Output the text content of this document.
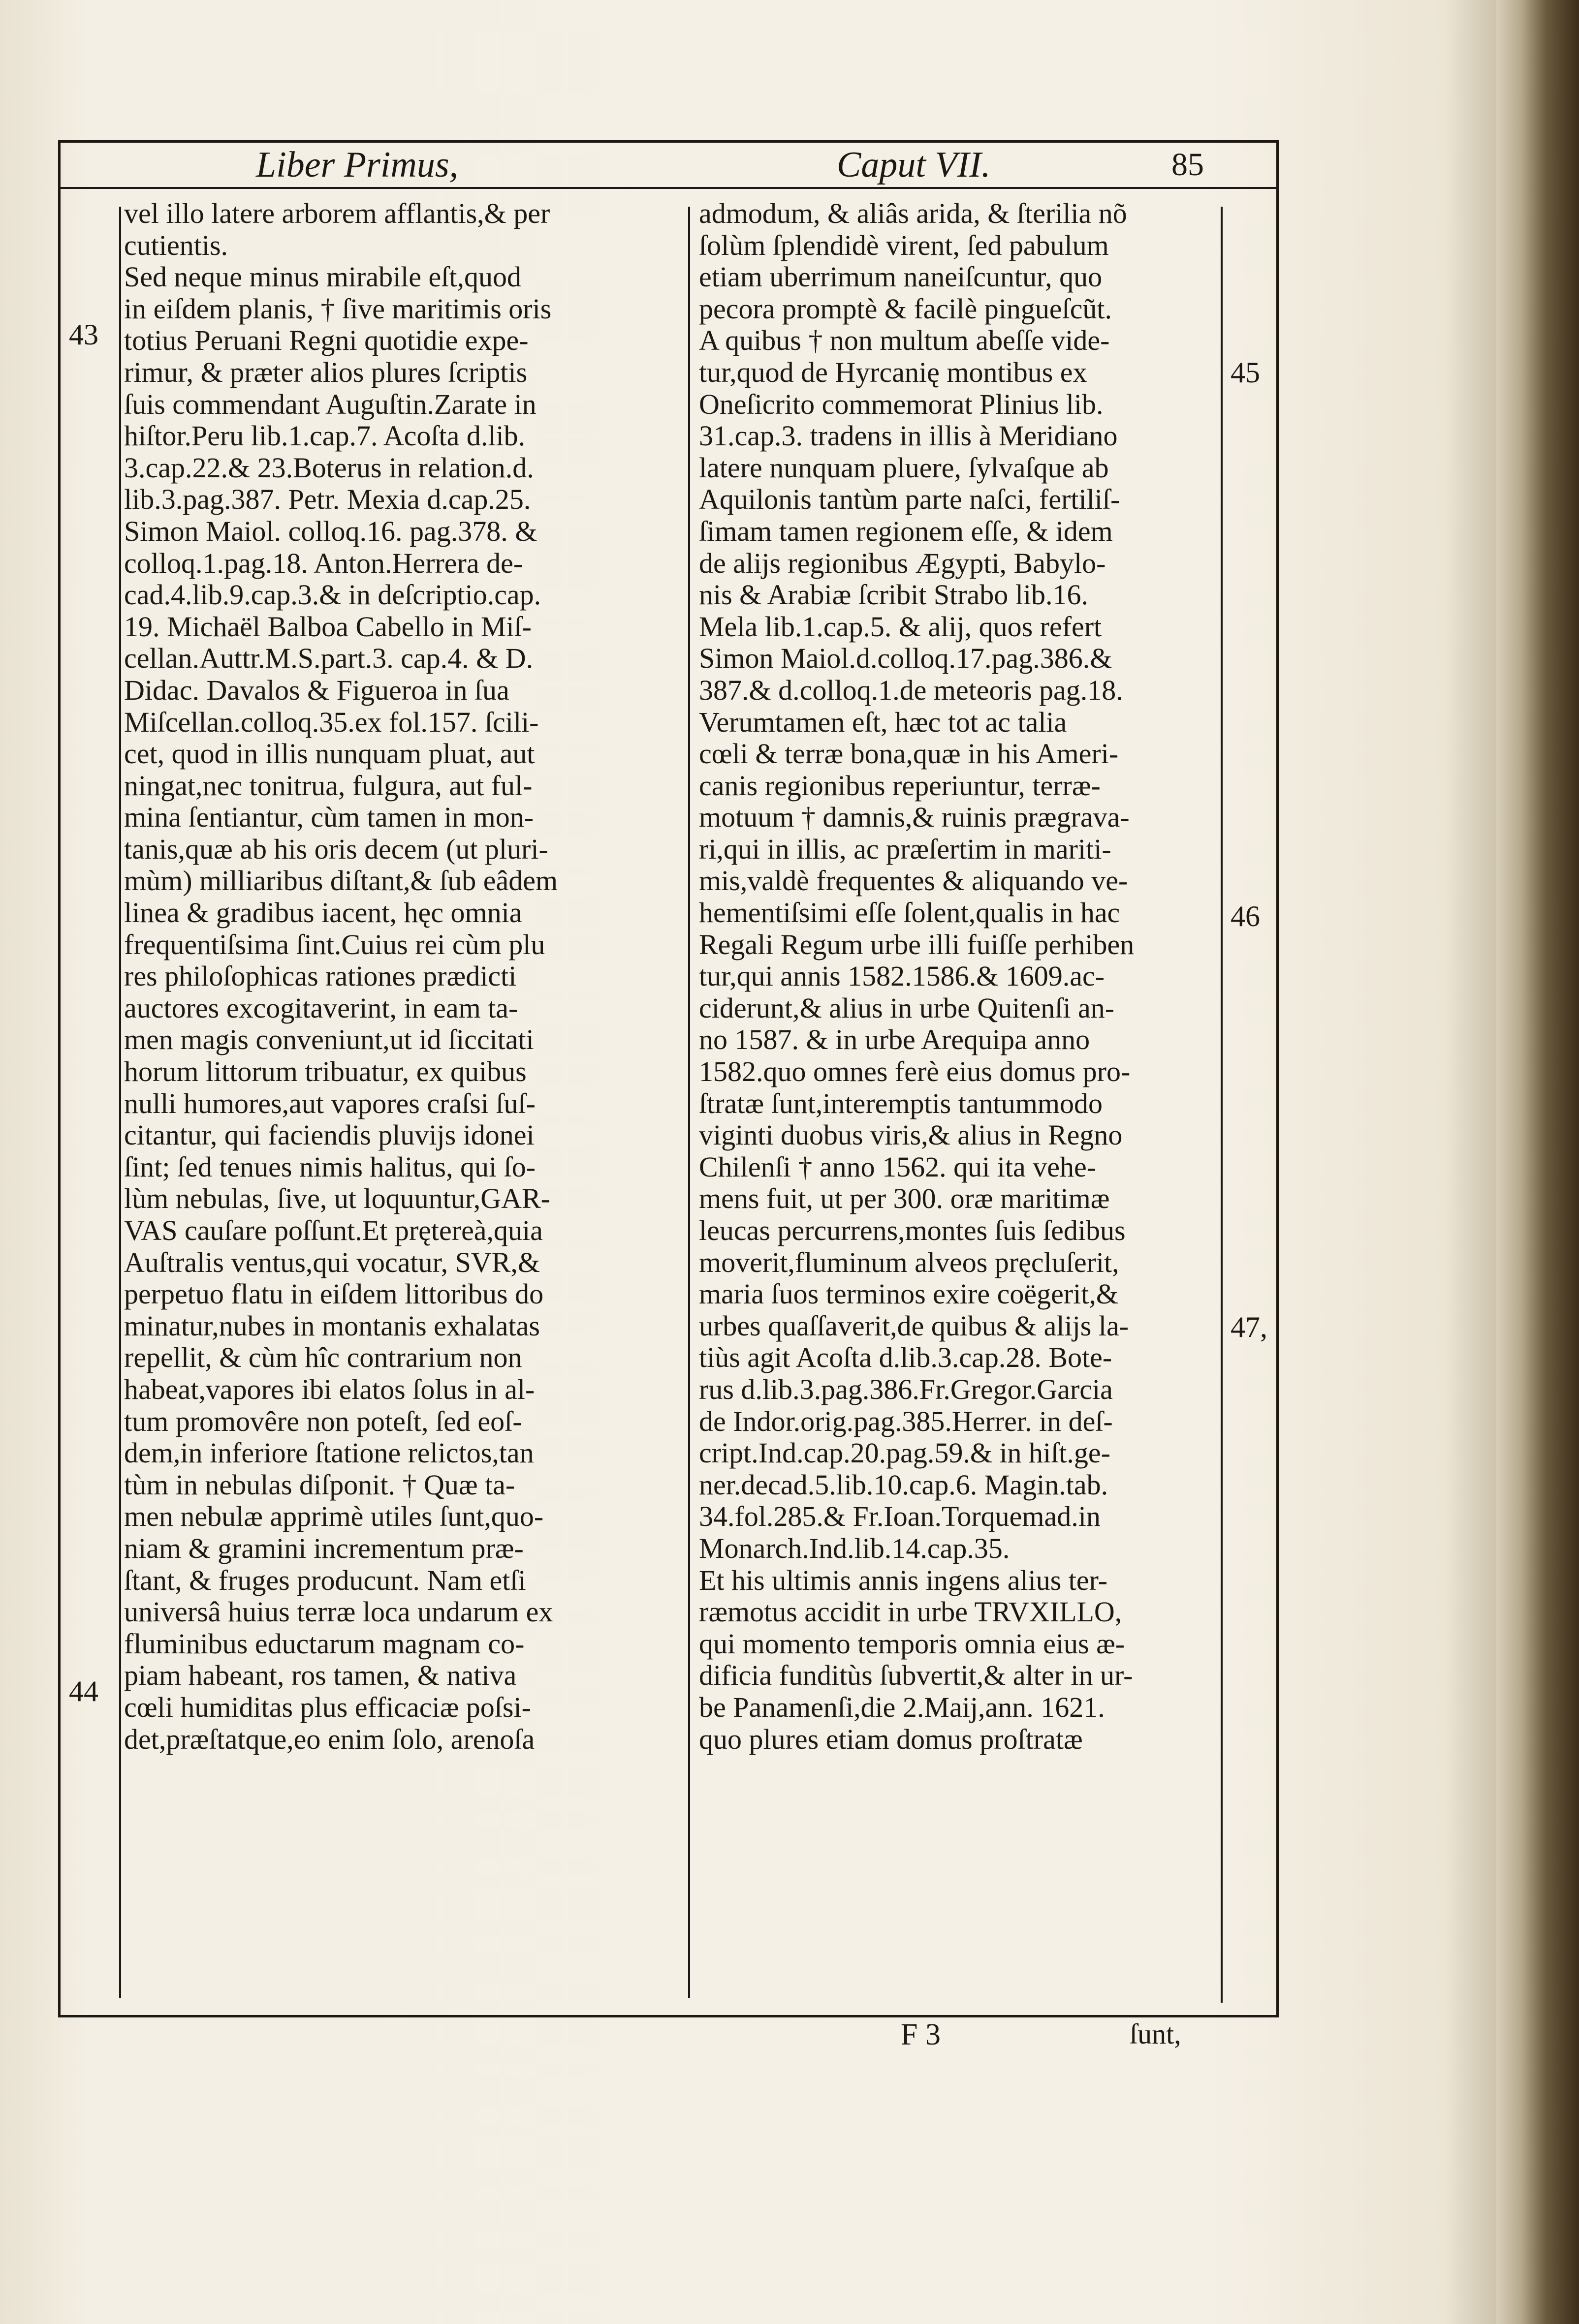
Liber Primus,	Caput VII.	85
vel illo latere arborem afflantis,& per
cutientis.
Sed neque minus mirabile eſt,quod
in eiſdem planis, † ſive maritimis oris
totius Peruani Regni quotidie expe-
rimur, & præter alios plures ſcriptis
ſuis commendant Auguſtin.Zarate in
hiſtor.Peru lib.1.cap.7. Acoſta d.lib.
3.cap.22.& 23.Boterus in relation.d.
lib.3.pag.387. Petr. Mexia d.cap.25.
Simon Maiol. colloq.16. pag.378. &
colloq.1.pag.18. Anton.Herrera de-
cad.4.lib.9.cap.3.& in deſcriptio.cap.
19. Michaël Balboa Cabello in Miſ-
cellan.Auttr.M.S.part.3. cap.4. & D.
Didac. Davalos & Figueroa in ſua
Miſcellan.colloq.35.ex fol.157. ſcili-
cet, quod in illis nunquam pluat, aut
ningat,nec tonitrua, fulgura, aut ful-
mina ſentiantur, cùm tamen in mon-
tanis,quæ ab his oris decem (ut pluri-
mùm) milliaribus diſtant,& ſub eâdem
linea & gradibus iacent, hęc omnia
frequentiſsima ſint.Cuius rei cùm plu
res philoſophicas rationes prædicti
auctores excogitaverint, in eam ta-
men magis conveniunt,ut id ſiccitati
horum littorum tribuatur, ex quibus
nulli humores,aut vapores craſsi ſuſ-
citantur, qui faciendis pluvijs idonei
ſint; ſed tenues nimis halitus, qui ſo-
lùm nebulas, ſive, ut loquuntur,GAR-
VAS cauſare poſſunt.Et prętereà,quia
Auſtralis ventus,qui vocatur, SVR,&
perpetuo flatu in eiſdem littoribus do
minatur,nubes in montanis exhalatas
repellit, & cùm hîc contrarium non
habeat,vapores ibi elatos ſolus in al-
tum promovêre non poteſt, ſed eoſ-
dem,in inferiore ſtatione relictos,tan
tùm in nebulas diſponit. † Quæ ta-
men nebulæ apprimè utiles ſunt,quo-
niam & gramini incrementum præ-
ſtant, & fruges producunt. Nam etſi
universâ huius terræ loca undarum ex
fluminibus eductarum magnam co-
piam habeant, ros tamen, & nativa
cœli humiditas plus efficaciæ poſsi-
det,præſtatque,eo enim ſolo, arenoſa
admodum, & aliâs arida, & ſterilia nõ
ſolùm ſplendidè virent, ſed pabulum
etiam uberrimum naneiſcuntur, quo
pecora promptè & facilè pingueſcũt.
A quibus † non multum abeſſe vide-
tur,quod de Hyrcanię montibus ex
Oneſicrito commemorat Plinius lib.
31.cap.3. tradens in illis à Meridiano
latere nunquam pluere, ſylvaſque ab
Aquilonis tantùm parte naſci, fertiliſ-
ſimam tamen regionem eſſe, & idem
de alijs regionibus Ægypti, Babylo-
nis & Arabiæ ſcribit Strabo lib.16.
Mela lib.1.cap.5. & alij, quos refert
Simon Maiol.d.colloq.17.pag.386.&
387.& d.colloq.1.de meteoris pag.18.
Verumtamen eſt, hæc tot ac talia
cœli & terræ bona,quæ in his Ameri-
canis regionibus reperiuntur, terræ-
motuum † damnis,& ruinis prægrava-
ri,qui in illis, ac præſertim in mariti-
mis,valdè frequentes & aliquando ve-
hementiſsimi eſſe ſolent,qualis in hac
Regali Regum urbe illi fuiſſe perhiben
tur,qui annis 1582.1586.& 1609.ac-
ciderunt,& alius in urbe Quitenſi an-
no 1587. & in urbe Arequipa anno
1582.quo omnes ferè eius domus pro-
ſtratæ ſunt,interemptis tantummodo
viginti duobus viris,& alius in Regno
Chilenſi † anno 1562. qui ita vehe-
mens fuit, ut per 300. oræ maritimæ
leucas percurrens,montes ſuis ſedibus
moverit,fluminum alveos pręcluſerit,
maria ſuos terminos exire coëgerit,&
urbes quaſſaverit,de quibus & alijs la-
tiùs agit Acoſta d.lib.3.cap.28. Bote-
rus d.lib.3.pag.386.Fr.Gregor.Garcia
de Indor.orig.pag.385.Herrer. in deſ-
cript.Ind.cap.20.pag.59.& in hiſt.ge-
ner.decad.5.lib.10.cap.6. Magin.tab.
34.fol.285.& Fr.Ioan.Torquemad.in
Monarch.Ind.lib.14.cap.35.
Et his ultimis annis ingens alius ter-
ræmotus accidit in urbe TRVXILLO,
qui momento temporis omnia eius æ-
dificia funditùs ſubvertit,& alter in ur-
be Panamenſi,die 2.Maij,ann. 1621.
quo plures etiam domus proſtratæ
43
44
45
46
47,
F 3	ſunt,
